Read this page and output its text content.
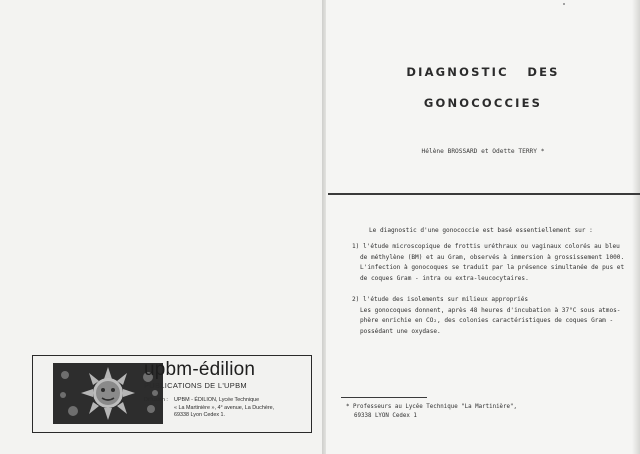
upbm-édilion
PUBLICATIONS DE L'UPBM
Diffusion : UPBM - ÉDILION, Lycée Technique
« La Martinière », 4° avenue, La Duchère,
69338 Lyon Cedex 1.
DIAGNOSTIC   DES
GONOCOCCIES
Hélène BROSSARD et Odette TERRY *
Le diagnostic d'une gonococcie est basé essentiellement sur :
1) l'étude microscopique de frottis uréthraux ou vaginaux colorés au bleu
de méthylène (BM) et au Gram, observés à immersion à grossissement 1000.
L'infection à gonocoques se traduit par la présence simultanée de pus et
de coques Gram - intra ou extra-leucocytaires.
2) l'étude des isolements sur milieux appropriés
Les gonocoques donnent, après 48 heures d'incubation à 37°C sous atmos-
phère enrichie en CO₂, des colonies caractéristiques de coques Gram -
possédant une oxydase.
* Professeurs au Lycée Technique "La Martinière",
69338 LYON Cedex 1
